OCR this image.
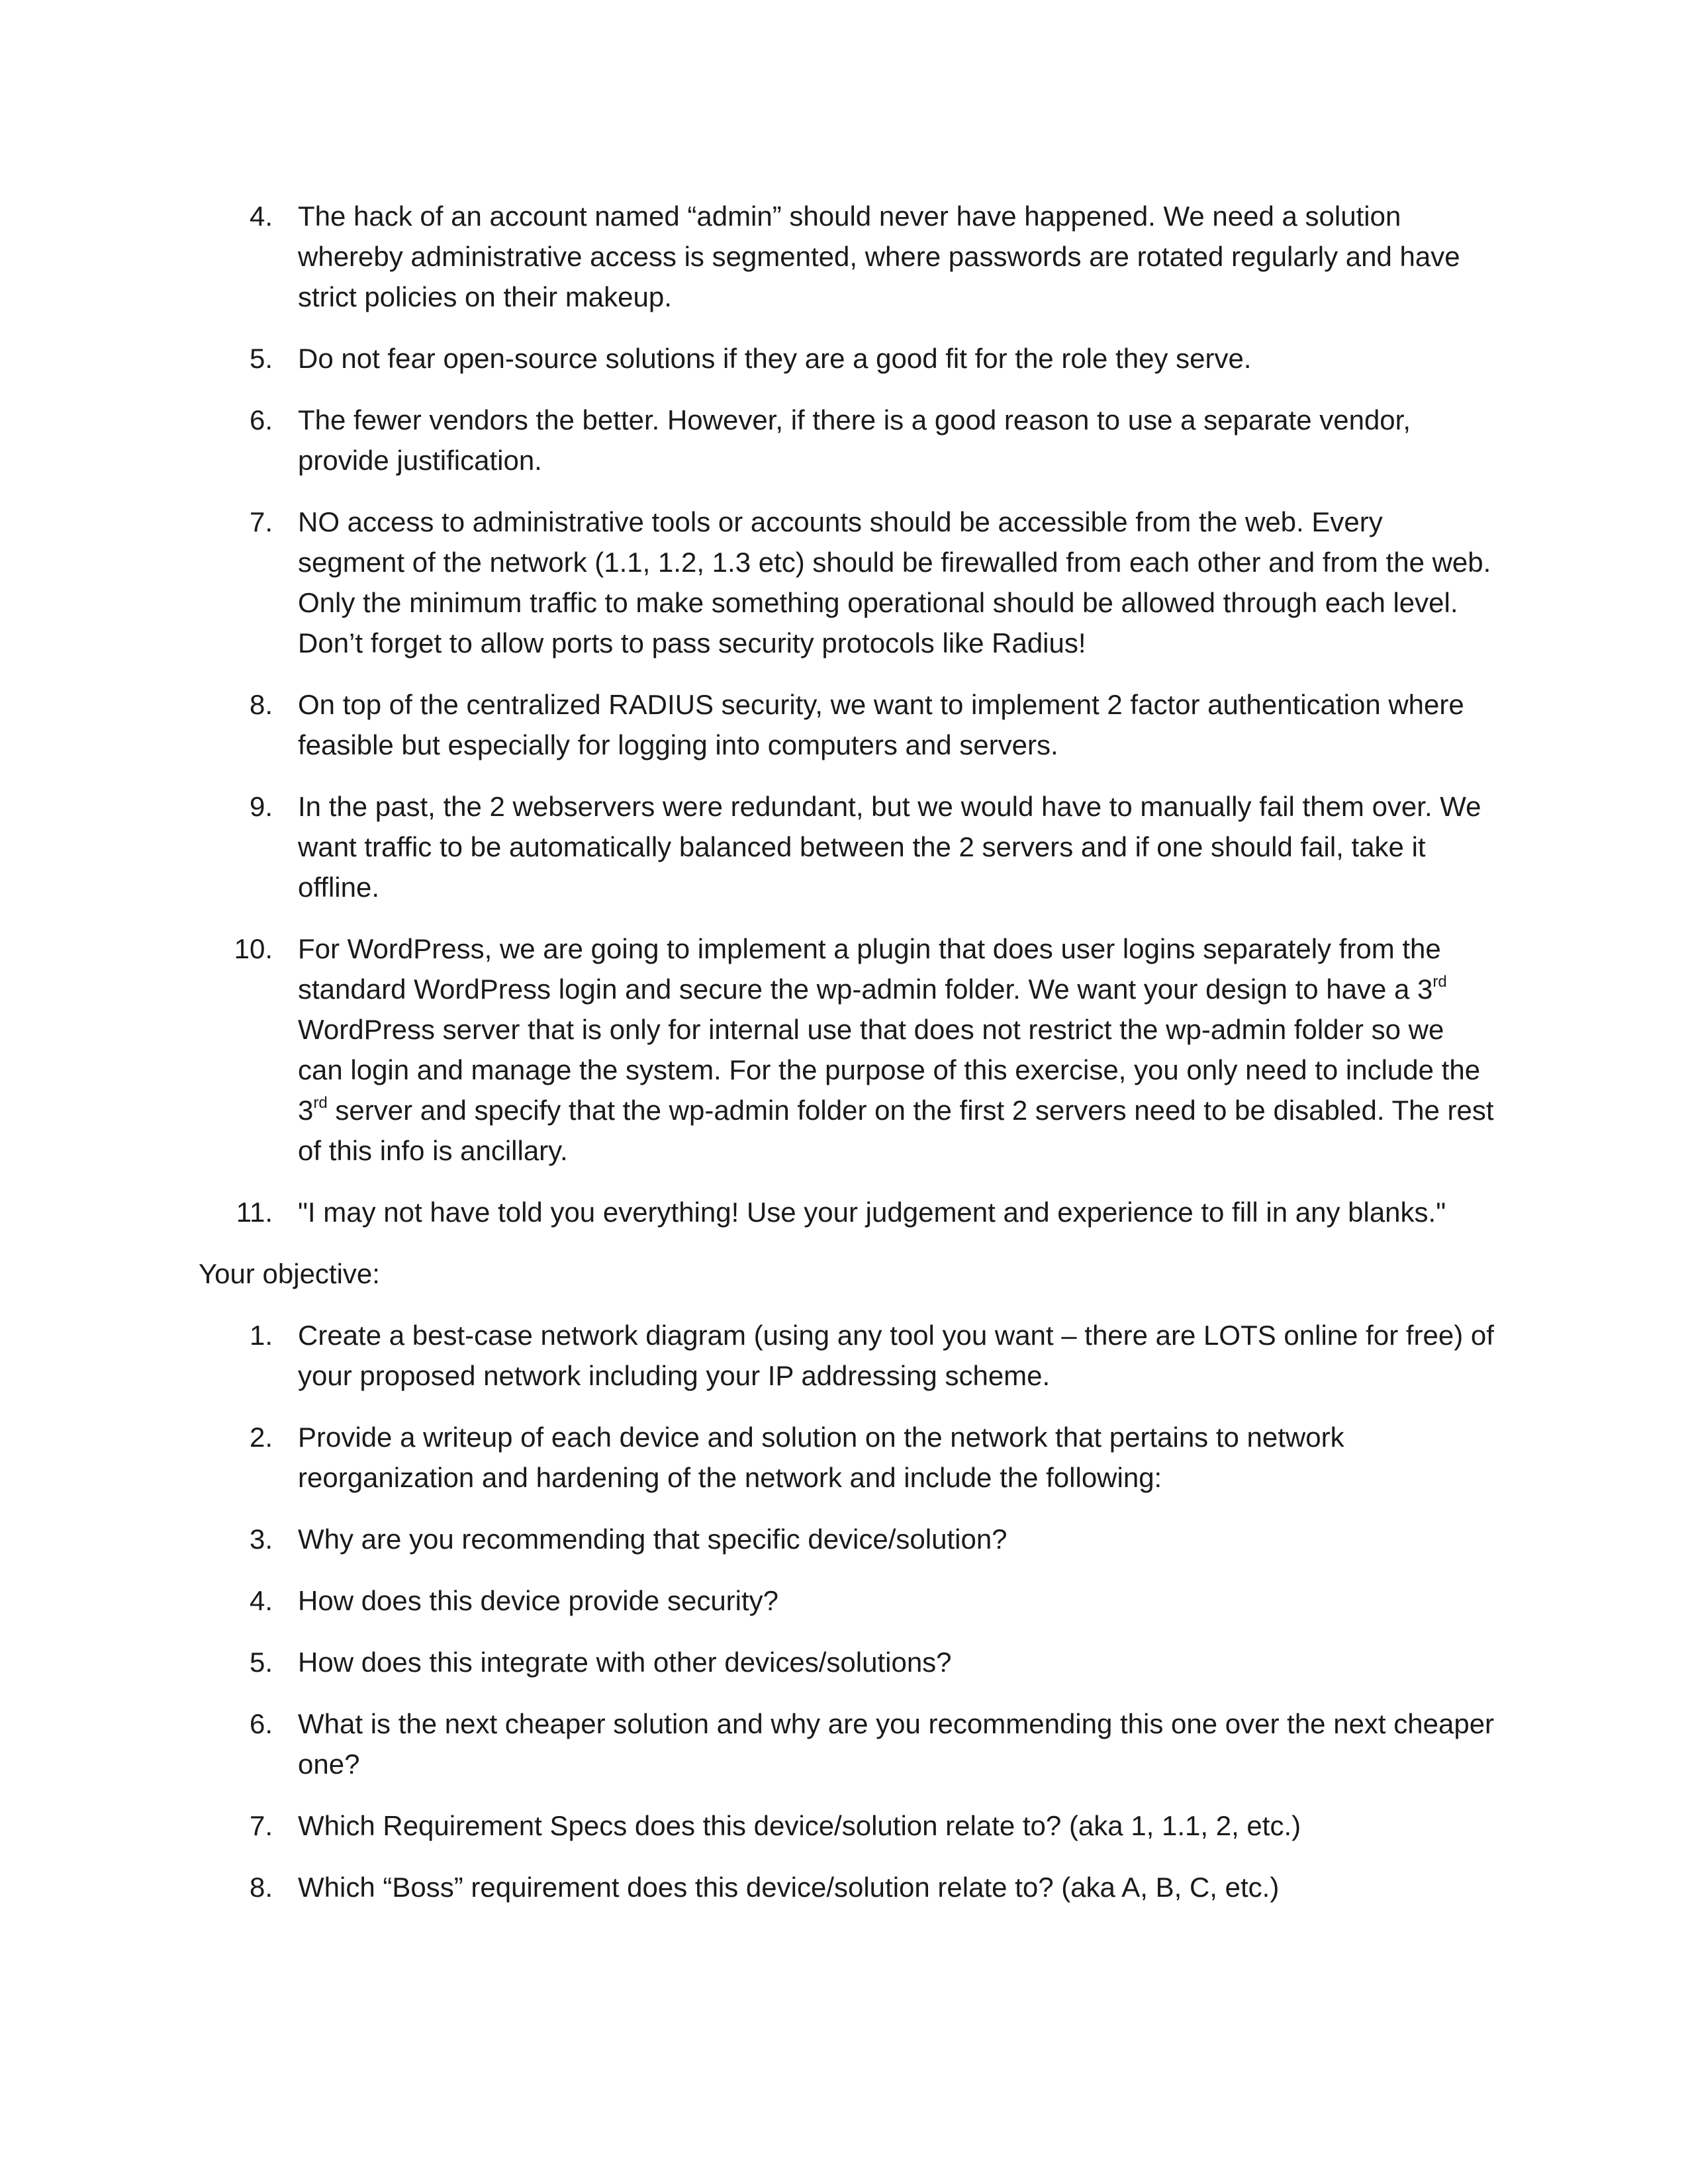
4. The hack of an account named “admin” should never have happened. We need a solution whereby administrative access is segmented, where passwords are rotated regularly and have strict policies on their makeup.
5. Do not fear open-source solutions if they are a good fit for the role they serve.
6. The fewer vendors the better. However, if there is a good reason to use a separate vendor, provide justification.
7. NO access to administrative tools or accounts should be accessible from the web. Every segment of the network (1.1, 1.2, 1.3 etc) should be firewalled from each other and from the web. Only the minimum traffic to make something operational should be allowed through each level. Don’t forget to allow ports to pass security protocols like Radius!
8. On top of the centralized RADIUS security, we want to implement 2 factor authentication where feasible but especially for logging into computers and servers.
9. In the past, the 2 webservers were redundant, but we would have to manually fail them over. We want traffic to be automatically balanced between the 2 servers and if one should fail, take it offline.
10. For WordPress, we are going to implement a plugin that does user logins separately from the standard WordPress login and secure the wp-admin folder. We want your design to have a 3rd WordPress server that is only for internal use that does not restrict the wp-admin folder so we can login and manage the system. For the purpose of this exercise, you only need to include the 3rd server and specify that the wp-admin folder on the first 2 servers need to be disabled. The rest of this info is ancillary.
11. "I may not have told you everything! Use your judgement and experience to fill in any blanks."
Your objective:
1. Create a best-case network diagram (using any tool you want – there are LOTS online for free) of your proposed network including your IP addressing scheme.
2. Provide a writeup of each device and solution on the network that pertains to network reorganization and hardening of the network and include the following:
3. Why are you recommending that specific device/solution?
4. How does this device provide security?
5. How does this integrate with other devices/solutions?
6. What is the next cheaper solution and why are you recommending this one over the next cheaper one?
7. Which Requirement Specs does this device/solution relate to? (aka 1, 1.1, 2, etc.)
8. Which “Boss” requirement does this device/solution relate to? (aka A, B, C, etc.)
